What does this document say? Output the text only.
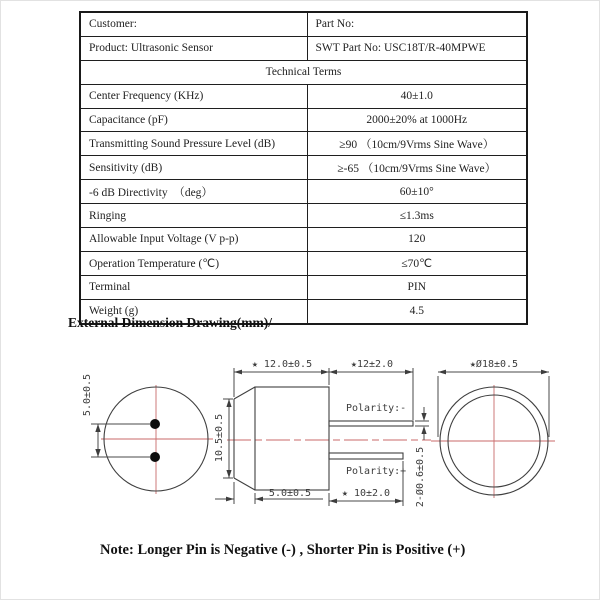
Customer:	Part No:
Product: Ultrasonic Sensor	SWT Part No: USC18T/R-40MPWE
Technical Terms	
Center Frequency (KHz)	40±1.0
Capacitance (pF)	2000±20% at 1000Hz
Transmitting Sound Pressure Level (dB)	≥90 （10cm/9Vrms Sine Wave）
Sensitivity (dB)	≥-65 （10cm/9Vrms Sine Wave）
-6 dB Directivity　（deg）	60±10°
Ringing	≤1.3ms
Allowable Input Voltage (V p-p)	120
Operation Temperature (℃)	≤70℃
Terminal	PIN
Weight (g)	4.5
External Dimension Drawing(mm)/
5.0±0.5
★ 12.0±0.5	★12±2.0
10.5±0.5
5.0±0.5	★ 10±2.0 2-Ø0.6±0.5
Polarity:-
Polarity:+
★Ø18±0.5
Note: Longer Pin is Negative (-) , Shorter Pin is Positive (+)
